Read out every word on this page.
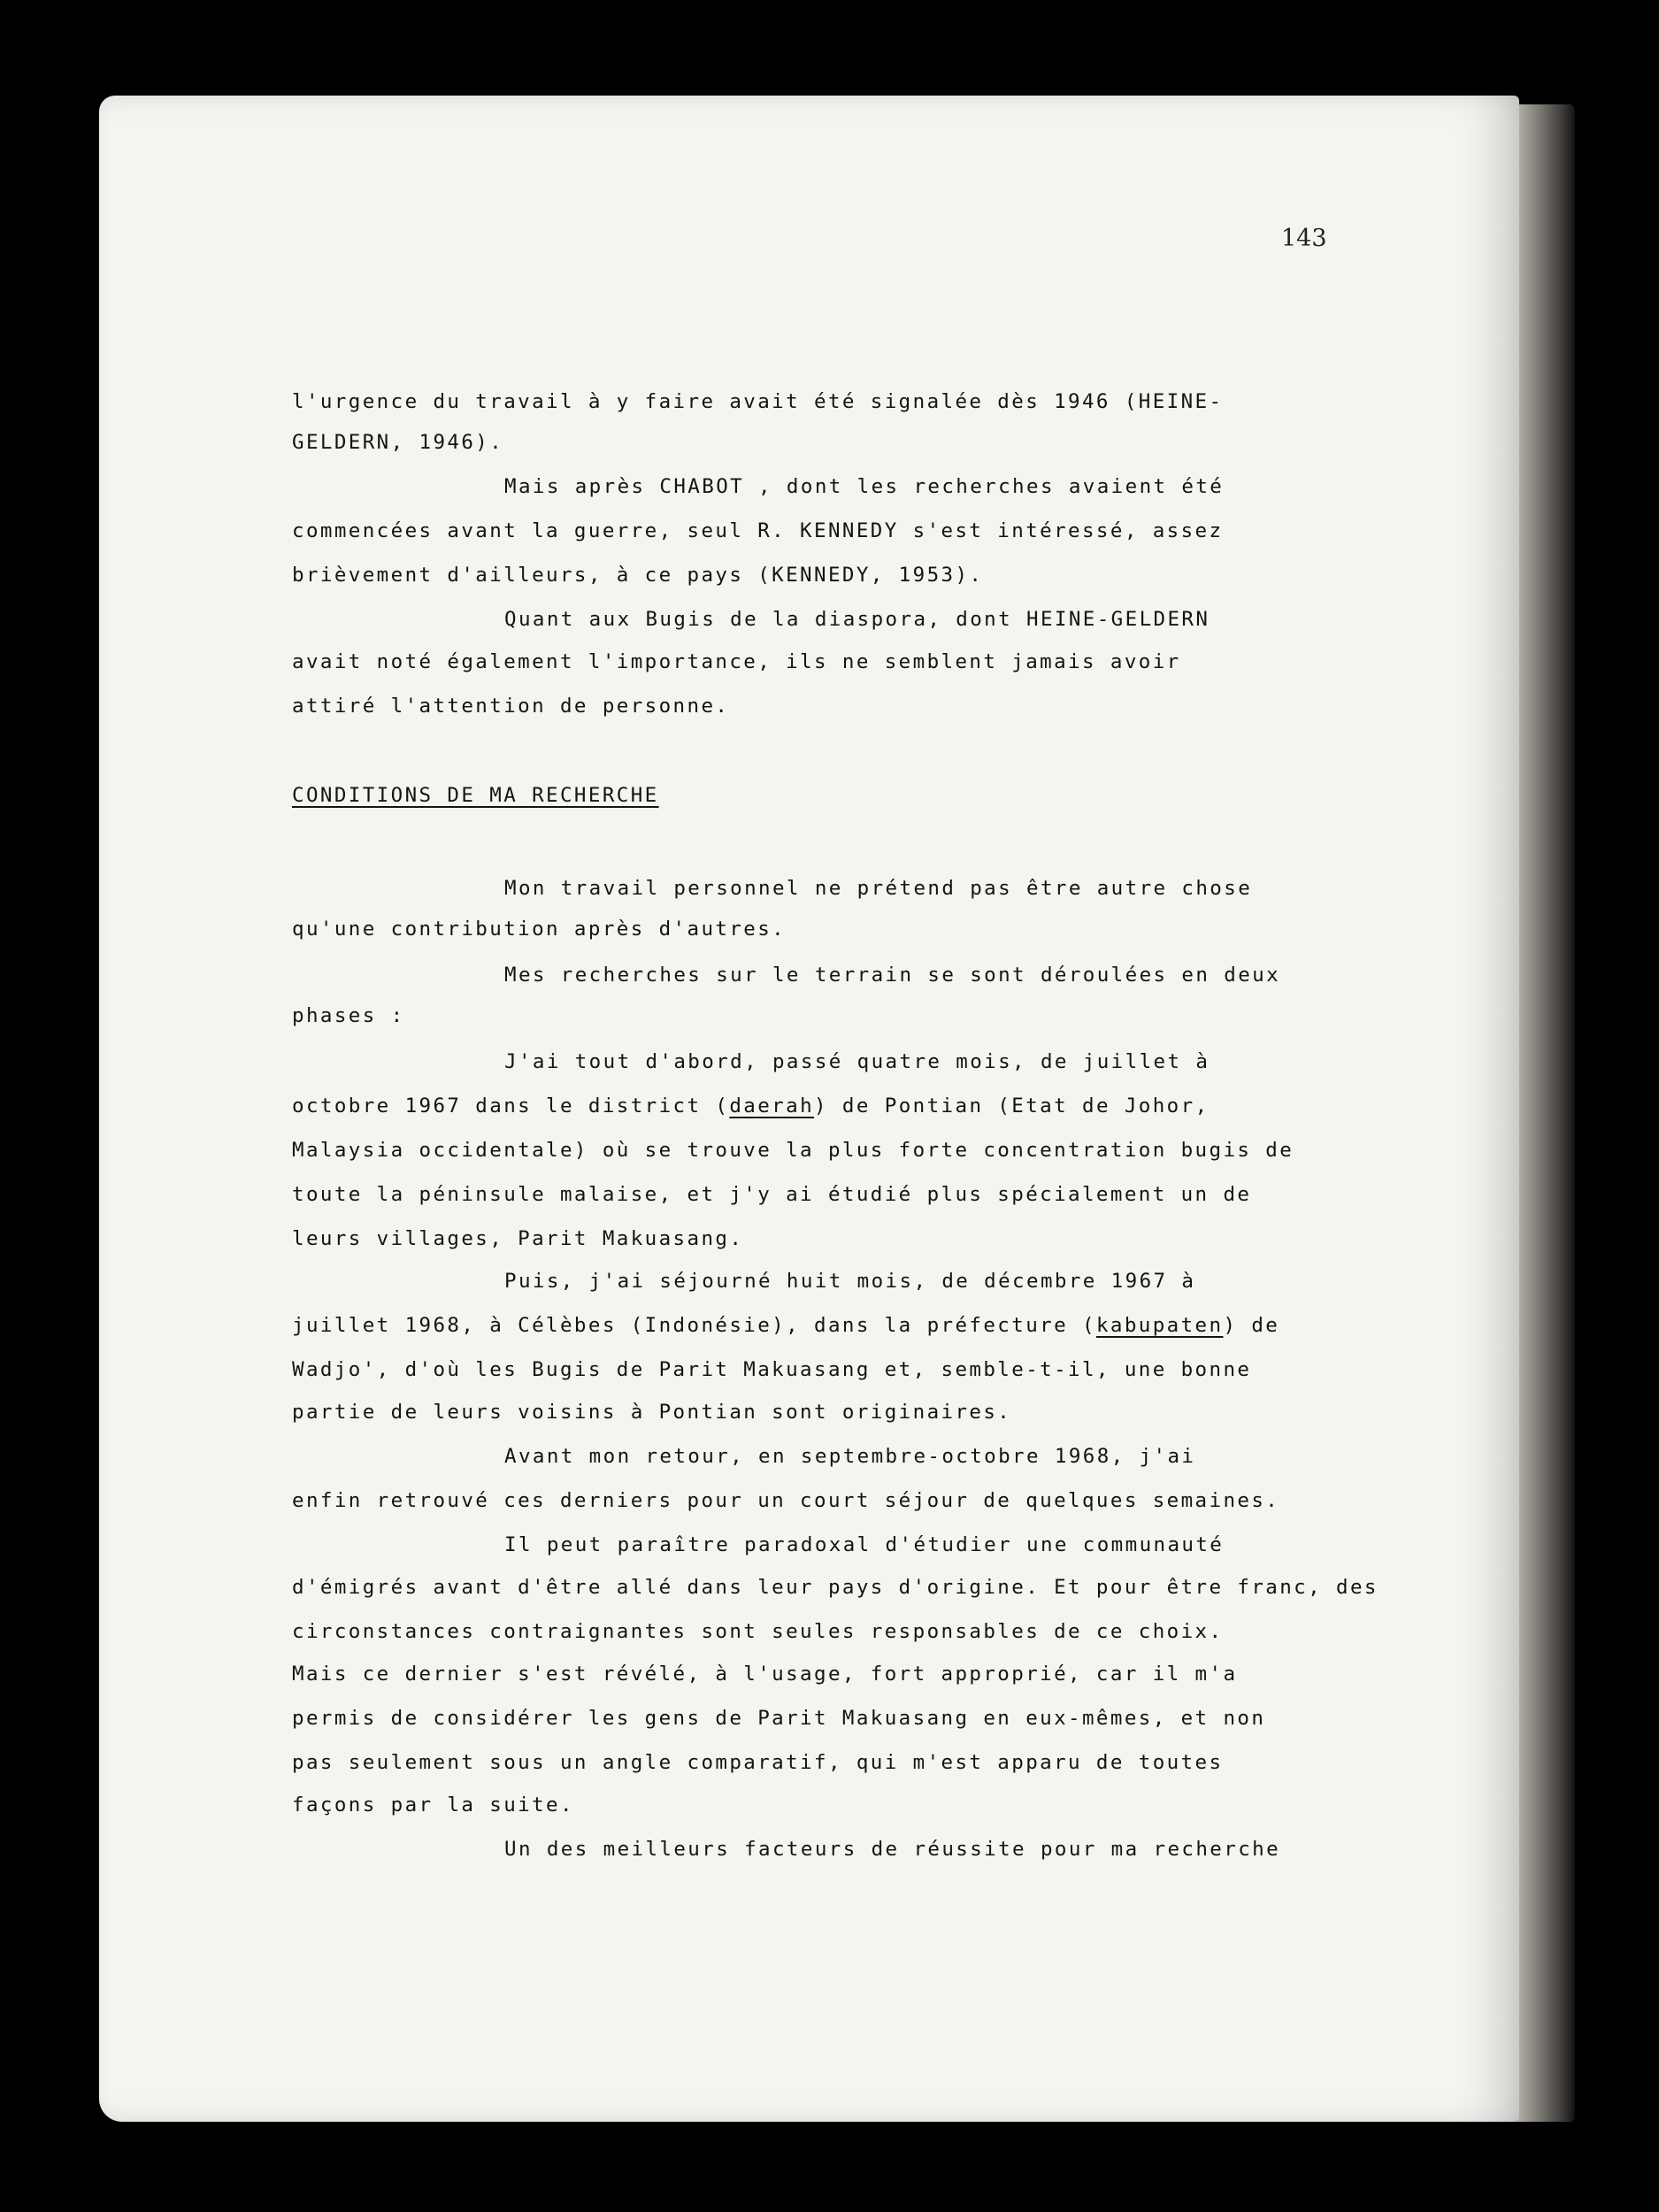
143
l'urgence du travail à y faire avait été signalée dès 1946 (HEINE-
GELDERN, 1946).
Mais après CHABOT , dont les recherches avaient été
commencées avant la guerre, seul R. KENNEDY s'est intéressé, assez
brièvement d'ailleurs, à ce pays (KENNEDY, 1953).
Quant aux Bugis de la diaspora, dont HEINE-GELDERN
avait noté également l'importance, ils ne semblent jamais avoir
attiré l'attention de personne.
CONDITIONS DE MA RECHERCHE
Mon travail personnel ne prétend pas être autre chose
qu'une contribution après d'autres.
Mes recherches sur le terrain se sont déroulées en deux
phases :
J'ai tout d'abord, passé quatre mois, de juillet à
octobre 1967 dans le district (daerah) de Pontian (Etat de Johor,
Malaysia occidentale) où se trouve la plus forte concentration bugis de
toute la péninsule malaise, et j'y ai étudié plus spécialement un de
leurs villages, Parit Makuasang.
Puis, j'ai séjourné huit mois, de décembre 1967 à
juillet 1968, à Célèbes (Indonésie), dans la préfecture (kabupaten) de
Wadjo', d'où les Bugis de Parit Makuasang et, semble-t-il, une bonne
partie de leurs voisins à Pontian sont originaires.
Avant mon retour, en septembre-octobre 1968, j'ai
enfin retrouvé ces derniers pour un court séjour de quelques semaines.
Il peut paraître paradoxal d'étudier une communauté
d'émigrés avant d'être allé dans leur pays d'origine. Et pour être franc, des
circonstances contraignantes sont seules responsables de ce choix.
Mais ce dernier s'est révélé, à l'usage, fort approprié, car il m'a
permis de considérer les gens de Parit Makuasang en eux-mêmes, et non
pas seulement sous un angle comparatif, qui m'est apparu de toutes
façons par la suite.
Un des meilleurs facteurs de réussite pour ma recherche
